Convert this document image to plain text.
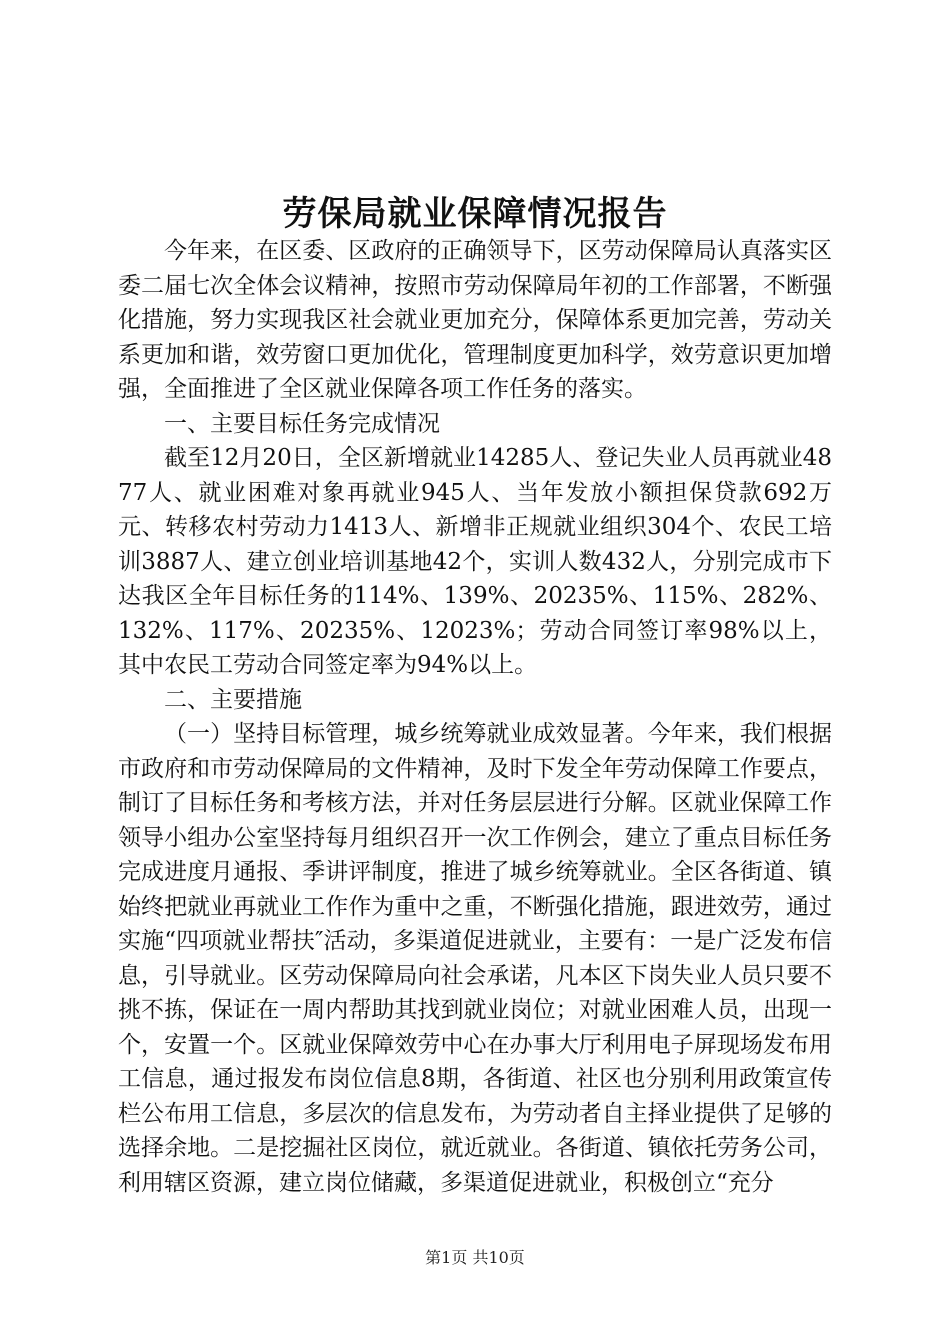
劳保局就业保障情况报告

今年来，在区委、区政府的正确领导下，区劳动保障局认真落实区委二届七次全体会议精神，按照市劳动保障局年初的工作部署，不断强化措施，努力实现我区社会就业更加充分，保障体系更加完善，劳动关系更加和谐，效劳窗口更加优化，管理制度更加科学，效劳意识更加增强，全面推进了全区就业保障各项工作任务的落实。

一、主要目标任务完成情况

截至12月20日，全区新增就业14285人、登记失业人员再就业4877人、就业困难对象再就业945人、当年发放小额担保贷款692万元、转移农村劳动力1413人、新增非正规就业组织304个、农民工培训3887人、建立创业培训基地42个，实训人数432人，分别完成市下达我区全年目标任务的114%、139%、20235%、115%、282%、132%、117%、20235%、12023%；劳动合同签订率98%以上，其中农民工劳动合同签定率为94%以上。

二、主要措施

（一）坚持目标管理，城乡统筹就业成效显著。今年来，我们根据市政府和市劳动保障局的文件精神，及时下发全年劳动保障工作要点，制订了目标任务和考核方法，并对任务层层进行分解。区就业保障工作领导小组办公室坚持每月组织召开一次工作例会，建立了重点目标任务完成进度月通报、季讲评制度，推进了城乡统筹就业。全区各街道、镇始终把就业再就业工作作为重中之重，不断强化措施，跟进效劳，通过实施“四项就业帮扶″活动，多渠道促进就业，主要有：一是广泛发布信息，引导就业。区劳动保障局向社会承诺，凡本区下岗失业人员只要不挑不拣，保证在一周内帮助其找到就业岗位；对就业困难人员，出现一个，安置一个。区就业保障效劳中心在办事大厅利用电子屏现场发布用工信息，通过报发布岗位信息8期，各街道、社区也分别利用政策宣传栏公布用工信息，多层次的信息发布，为劳动者自主择业提供了足够的选择余地。二是挖掘社区岗位，就近就业。各街道、镇依托劳务公司，利用辖区资源，建立岗位储藏，多渠道促进就业，积极创立“充分

第1页 共10页
